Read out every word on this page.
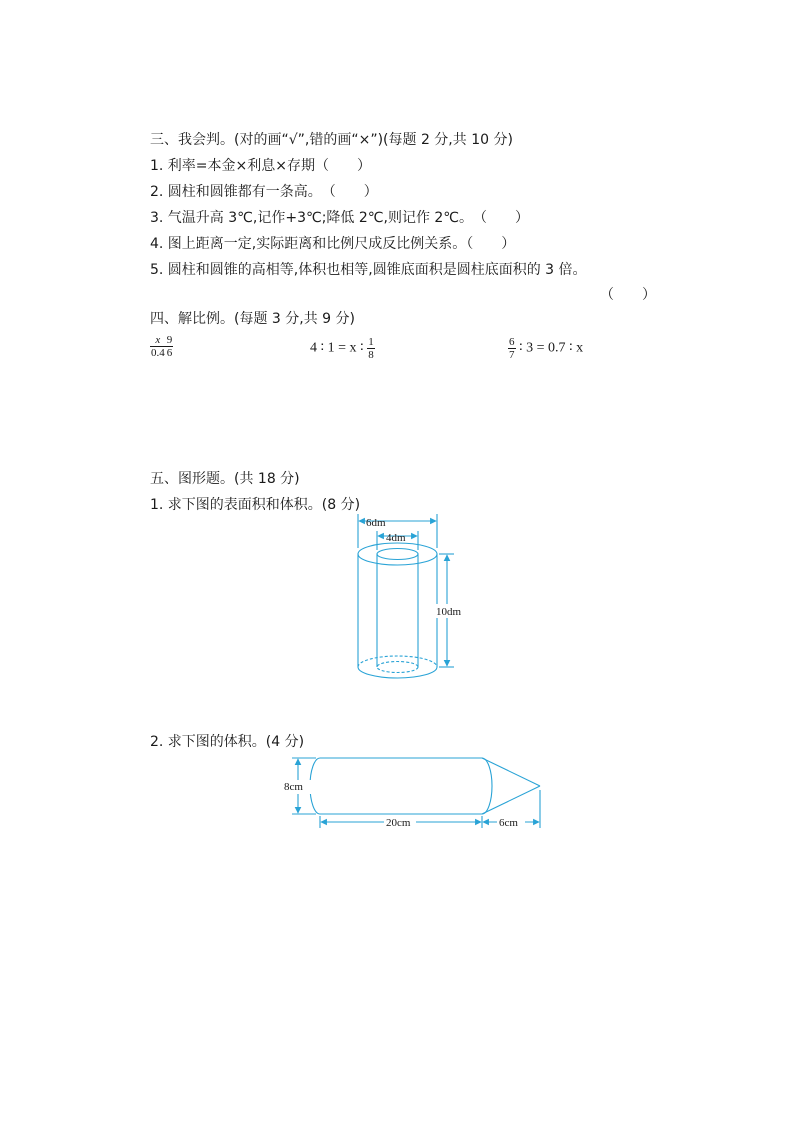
三、我会判。(对的画“√”,错的画“×”)(每题 2 分,共 10 分)
1. 利率=本金×利息×存期（　　）
2. 圆柱和圆锥都有一条高。　（　　）
3. 气温升高 3℃,记作+3℃;降低 2℃,则记作 2℃。　（　　）
4. 图上距离一定,实际距离和比例尺成反比例关系。（　　）
5. 圆柱和圆锥的高相等,体积也相等,圆锥底面积是圆柱底面积的 3 倍。
（　　）
四、解比例。(每题 3 分,共 9 分)
$\frac{x}{0.4} \frac{9}{6}$	4 ∶ 1 = x ∶ $\frac{1}{8}$	$\frac{6}{7}$ ∶ 3 = 0.7 ∶ x
五、图形题。(共 18 分)
1. 求下图的表面积和体积。(8 分)
6dm
4dm
10dm
2. 求下图的体积。(4 分)
8cm
20cm	6cm
